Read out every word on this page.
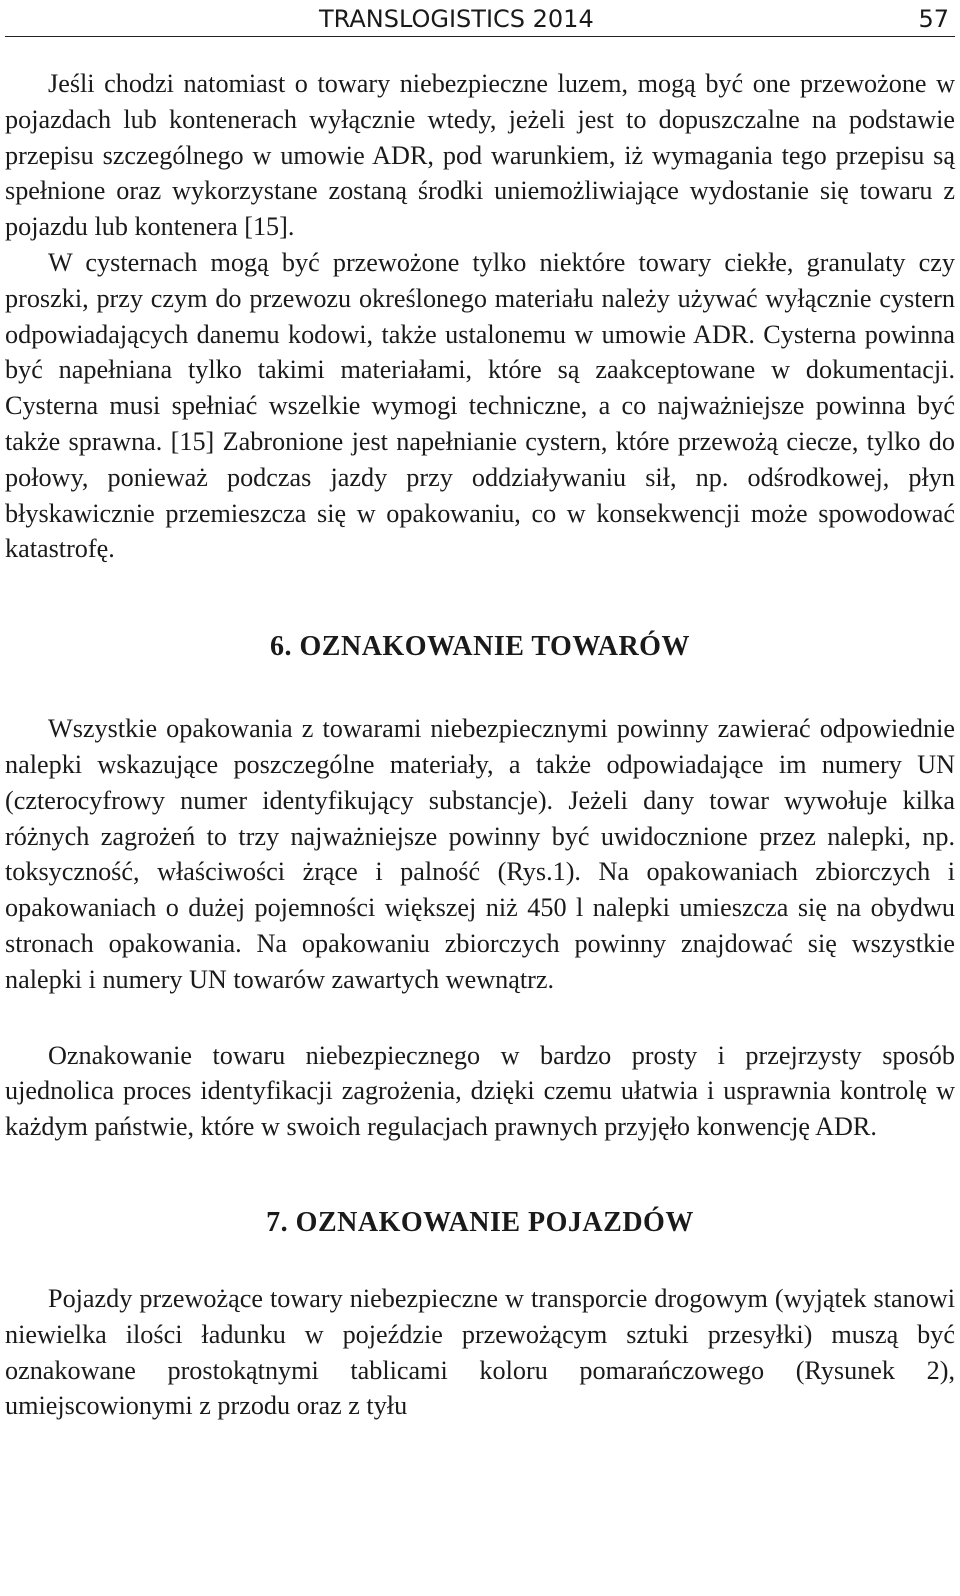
TRANSLOGISTICS 2014	57

Jeśli chodzi natomiast o towary niebezpieczne luzem, mogą być one przewożone w pojazdach lub kontenerach wyłącznie wtedy, jeżeli jest to dopuszczalne na podstawie przepisu szczególnego w umowie ADR, pod warunkiem, iż wymagania tego przepisu są spełnione oraz wykorzystane zostaną środki uniemożliwiające wydostanie się towaru z pojazdu lub kontenera [15].

W cysternach mogą być przewożone tylko niektóre towary ciekłe, granulaty czy proszki, przy czym do przewozu określonego materiału należy używać wyłącznie cystern odpowiadających danemu kodowi, także ustalonemu w umowie ADR. Cysterna powinna być napełniana tylko takimi materiałami, które są zaakceptowane w dokumentacji. Cysterna musi spełniać wszelkie wymogi techniczne, a co najważniejsze powinna być także sprawna. [15] Zabronione jest napełnianie cystern, które przewożą ciecze, tylko do połowy, ponieważ podczas jazdy przy oddziaływaniu sił, np. odśrodkowej, płyn błyskawicznie przemieszcza się w opakowaniu, co w konsekwencji może spowodować katastrofę.

6. OZNAKOWANIE TOWARÓW

Wszystkie opakowania z towarami niebezpiecznymi powinny zawierać odpowiednie nalepki wskazujące poszczególne materiały, a także odpowiadające im numery UN (czterocyfrowy numer identyfikujący substancje). Jeżeli dany towar wywołuje kilka różnych zagrożeń to trzy najważniejsze powinny być uwidocznione przez nalepki, np. toksyczność, właściwości żrące i palność (Rys.1). Na opakowaniach zbiorczych i opakowaniach o dużej pojemności większej niż 450 l nalepki umieszcza się na obydwu stronach opakowania. Na opakowaniu zbiorczych powinny znajdować się wszystkie nalepki i numery UN towarów zawartych wewnątrz.

Oznakowanie towaru niebezpiecznego w bardzo prosty i przejrzysty sposób ujednolica proces identyfikacji zagrożenia, dzięki czemu ułatwia i usprawnia kontrolę w każdym państwie, które w swoich regulacjach prawnych przyjęło konwencję ADR.

7. OZNAKOWANIE POJAZDÓW

Pojazdy przewożące towary niebezpieczne w transporcie drogowym (wyjątek stanowi niewielka ilości ładunku w pojeździe przewożącym sztuki przesyłki) muszą być oznakowane prostokątnymi tablicami koloru pomarańczowego (Rysunek 2), umiejscowionymi z przodu oraz z tyłu
